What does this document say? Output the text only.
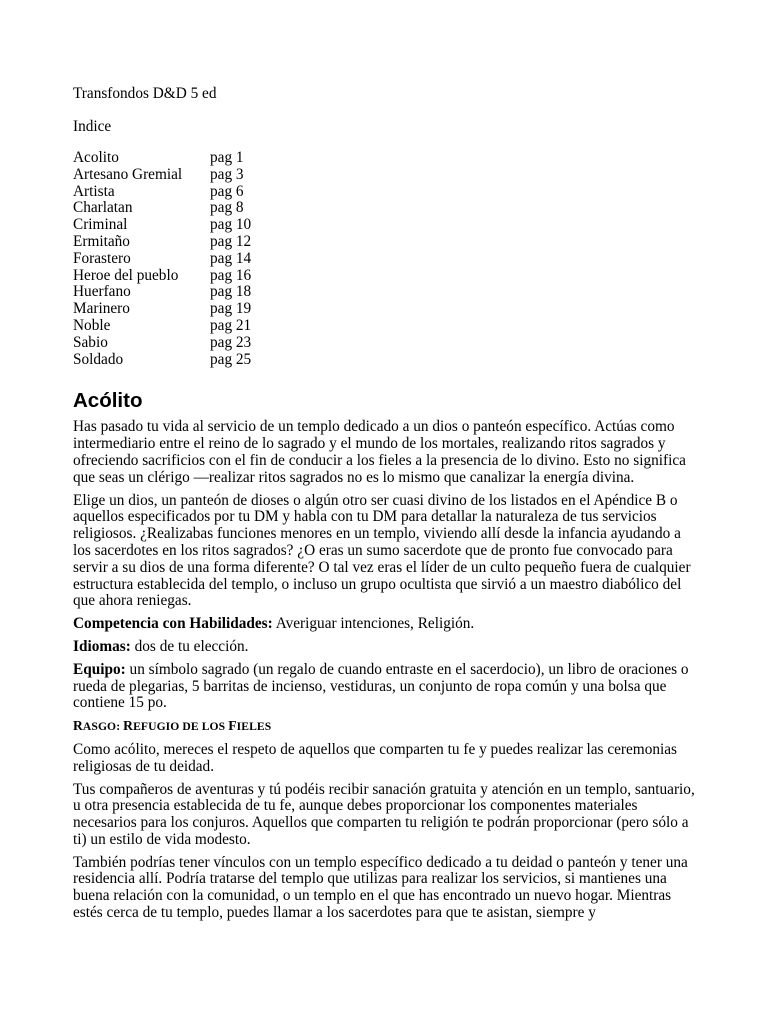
Transfondos D&D 5 ed
Indice
Acolito	pag 1
Artesano Gremial	pag 3
Artista	pag 6
Charlatan	pag 8
Criminal	pag 10
Ermitaño	pag 12
Forastero	pag 14
Heroe del pueblo	pag 16
Huerfano	pag 18
Marinero	pag 19
Noble	pag 21
Sabio	pag 23
Soldado	pag 25
Acólito

Has pasado tu vida al servicio de un templo dedicado a un dios o panteón específico. Actúas como intermediario entre el reino de lo sagrado y el mundo de los mortales, realizando ritos sagrados y ofreciendo sacrificios con el fin de conducir a los fieles a la presencia de lo divino. Esto no significa que seas un clérigo —realizar ritos sagrados no es lo mismo que canalizar la energía divina.

Elige un dios, un panteón de dioses o algún otro ser cuasi divino de los listados en el Apéndice B o aquellos especificados por tu DM y habla con tu DM para detallar la naturaleza de tus servicios religiosos. ¿Realizabas funciones menores en un templo, viviendo allí desde la infancia ayudando a los sacerdotes en los ritos sagrados? ¿O eras un sumo sacerdote que de pronto fue convocado para servir a su dios de una forma diferente? O tal vez eras el líder de un culto pequeño fuera de cualquier estructura establecida del templo, o incluso un grupo ocultista que sirvió a un maestro diabólico del que ahora reniegas.

Competencia con Habilidades: Averiguar intenciones, Religión.

Idiomas: dos de tu elección.

Equipo: un símbolo sagrado (un regalo de cuando entraste en el sacerdocio), un libro de oraciones o rueda de plegarias, 5 barritas de incienso, vestiduras, un conjunto de ropa común y una bolsa que contiene 15 po.

RASGO: REFUGIO DE LOS FIELES

Como acólito, mereces el respeto de aquellos que comparten tu fe y puedes realizar las ceremonias religiosas de tu deidad.

Tus compañeros de aventuras y tú podéis recibir sanación gratuita y atención en un templo, santuario, u otra presencia establecida de tu fe, aunque debes proporcionar los componentes materiales necesarios para los conjuros. Aquellos que comparten tu religión te podrán proporcionar (pero sólo a ti) un estilo de vida modesto.

También podrías tener vínculos con un templo específico dedicado a tu deidad o panteón y tener una residencia allí. Podría tratarse del templo que utilizas para realizar los servicios, si mantienes una buena relación con la comunidad, o un templo en el que has encontrado un nuevo hogar. Mientras estés cerca de tu templo, puedes llamar a los sacerdotes para que te asistan, siempre y
